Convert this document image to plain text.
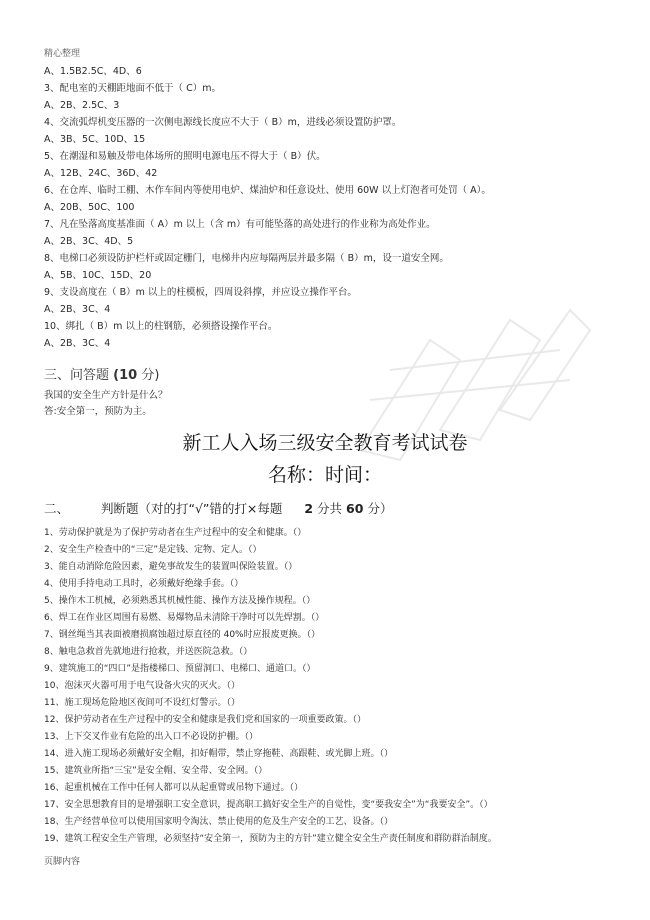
精心整理
A、1.5B2.5C、4D、6
3、配电室的天棚距地面不低于（ C）m。
A、2B、2.5C、3
4、交流弧焊机变压器的一次侧电源线长度应不大于（ B）m，进线必须设置防护罩。
A、3B、5C、10D、15
5、在潮湿和易触及带电体场所的照明电源电压不得大于（ B）伏。
A、12B、24C、36D、42
6、在仓库、临时工棚、木作车间内等使用电炉、煤油炉和任意设灶、使用 60W 以上灯泡者可处罚（ A）。
A、20B、50C、100
7、凡在坠落高度基准面（ A）m 以上（含 m）有可能坠落的高处进行的作业称为高处作业。
A、2B、3C、4D、5
8、电梯口必须设防护栏杆或固定栅门，电梯井内应每隔两层并最多隔（ B）m，设一道安全网。
A、5B、10C、15D、20
9、支设高度在（ B）m 以上的柱模板，四周设斜撑，并应设立操作平台。
A、2B、3C、4
10、绑扎（ B）m 以上的柱钢筋，必须搭设操作平台。
A、2B、3C、4
三、问答题 (10 分)
我国的安全生产方针是什么？
答:安全第一，预防为主。
新工人入场三级安全教育考试试卷
名称：时间：
二、	判断题（对的打“√”错的打×每题 2 分共 60 分）
1、劳动保护就是为了保护劳动者在生产过程中的安全和健康。（）
2、安全生产检查中的“三定”是定钱、定物、定人。（）
3、能自动消除危险因素，避免事故发生的装置叫保险装置。（）
4、使用手持电动工具时，必须戴好绝缘手套。（）
5、操作木工机械，必须熟悉其机械性能、操作方法及操作规程。（）
6、焊工在作业区周围有易燃、易爆物品未清除干净时可以先焊割。（）
7、钢丝绳当其表面被磨损腐蚀超过原直径的 40%时应报废更换。（）
8、触电急救首先就地进行抢救，并送医院急救。（）
9、建筑施工的“四口”是指楼梯口、预留洞口、电梯口、通道口。（）
10、泡沫灭火器可用于电气设备火灾的灭火。（）
11、施工现场危险地区夜间可不设红灯警示。（）
12、保护劳动者在生产过程中的安全和健康是我们党和国家的一项重要政策。（）
13、上下交叉作业有危险的出入口不必设防护棚。（）
14、进入施工现场必须戴好安全帽，扣好帽带，禁止穿拖鞋、高跟鞋、或光脚上班。（）
15、建筑业所指“三宝”是安全帽、安全带、安全网。（）
16、起重机械在工作中任何人都可以从起重臂或吊物下通过。（）
17、安全思想教育目的是增强职工安全意识，提高职工搞好安全生产的自觉性，变“要我安全”为“我要安全”。（）
18、生产经营单位可以使用国家明令淘汰、禁止使用的危及生产安全的工艺、设备。（）
19、建筑工程安全生产管理，必须坚持“安全第一，预防为主的方针”建立健全安全生产责任制度和群防群治制度。
页脚内容
